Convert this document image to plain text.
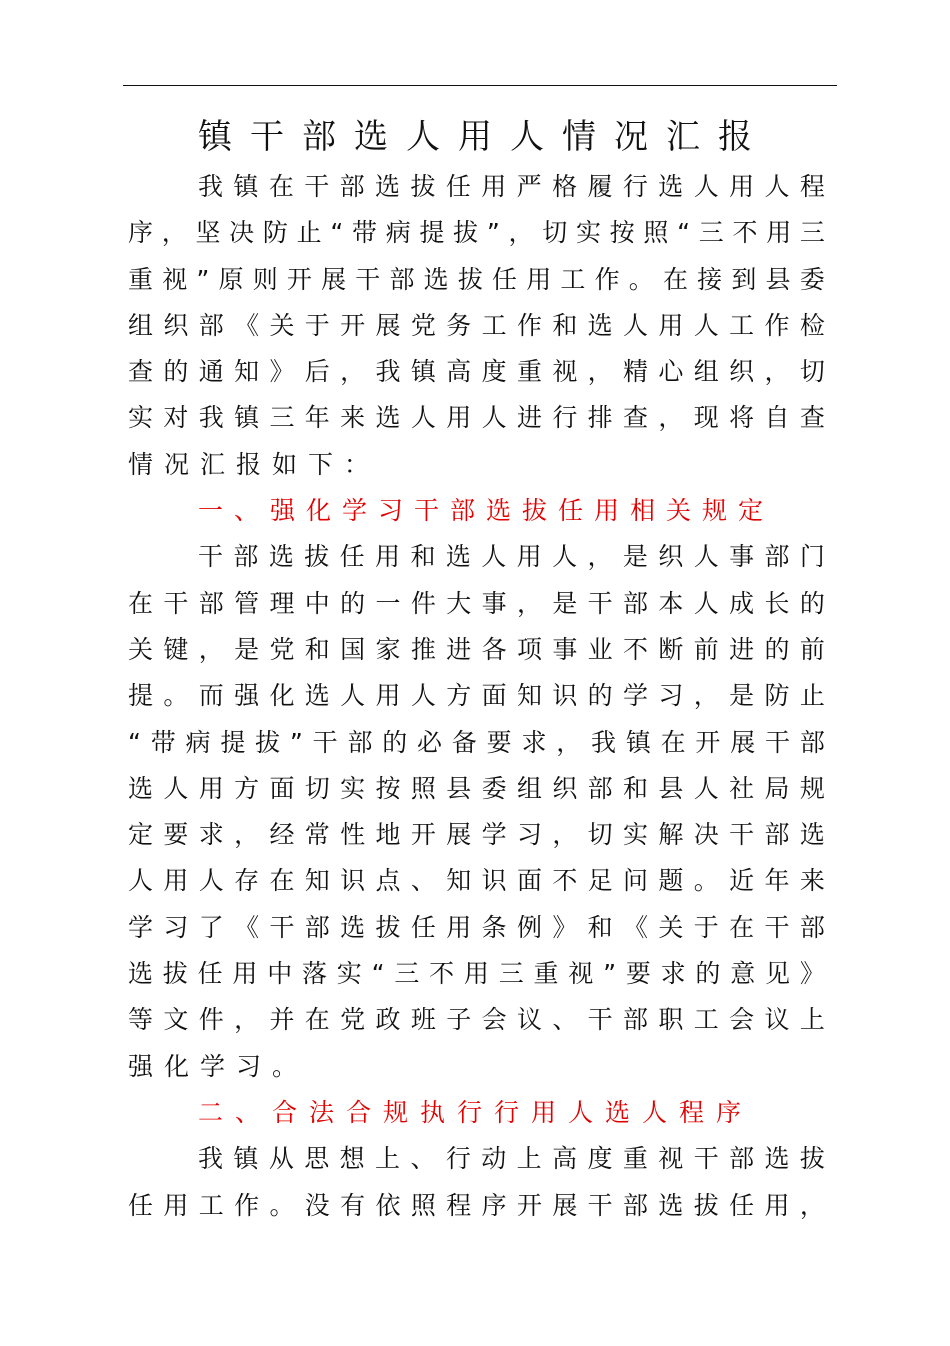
镇干部选人用人情况汇报
我 镇 在 干 部 选 拔 任 用 严 格 履 行 选 人 用 人 程
序 ， 坚 决 防 止 “ 带 病 提 拔 ” ， 切 实 按 照 “ 三 不 用 三
重 视 ” 原 则 开 展 干 部 选 拔 任 用 工 作 。 在 接 到 县 委
组 织 部 《 关 于 开 展 党 务 工 作 和 选 人 用 人 工 作 检
查 的 通 知 》 后 ， 我 镇 高 度 重 视 ， 精 心 组 织 ， 切
实 对 我 镇 三 年 来 选 人 用 人 进 行 排 查 ， 现 将 自 查
情况汇报如下：
一、强化学习干部选拔任用相关规定
干 部 选 拔 任 用 和 选 人 用 人 ， 是 织 人 事 部 门
在 干 部 管 理 中 的 一 件 大 事 ， 是 干 部 本 人 成 长 的
关 键 ， 是 党 和 国 家 推 进 各 项 事 业 不 断 前 进 的 前
提 。 而 强 化 选 人 用 人 方 面 知 识 的 学 习 ， 是 防 止
“ 带 病 提 拔 ” 干 部 的 必 备 要 求 ， 我 镇 在 开 展 干 部
选 人 用 方 面 切 实 按 照 县 委 组 织 部 和 县 人 社 局 规
定 要 求 ， 经 常 性 地 开 展 学 习 ， 切 实 解 决 干 部 选
人 用 人 存 在 知 识 点 、 知 识 面 不 足 问 题 。 近 年 来
学 习 了 《 干 部 选 拔 任 用 条 例 》 和 《 关 于 在 干 部
选 拔 任 用 中 落 实 “ 三 不 用 三 重 视 ” 要 求 的 意 见 》
等 文 件 ， 并 在 党 政 班 子 会 议 、 干 部 职 工 会 议 上
强化学习。
二、合法合规执行行用人选人程序
我 镇 从 思 想 上 、 行 动 上 高 度 重 视 干 部 选 拔
任 用 工 作 。 没 有 依 照 程 序 开 展 干 部 选 拔 任 用 ，
